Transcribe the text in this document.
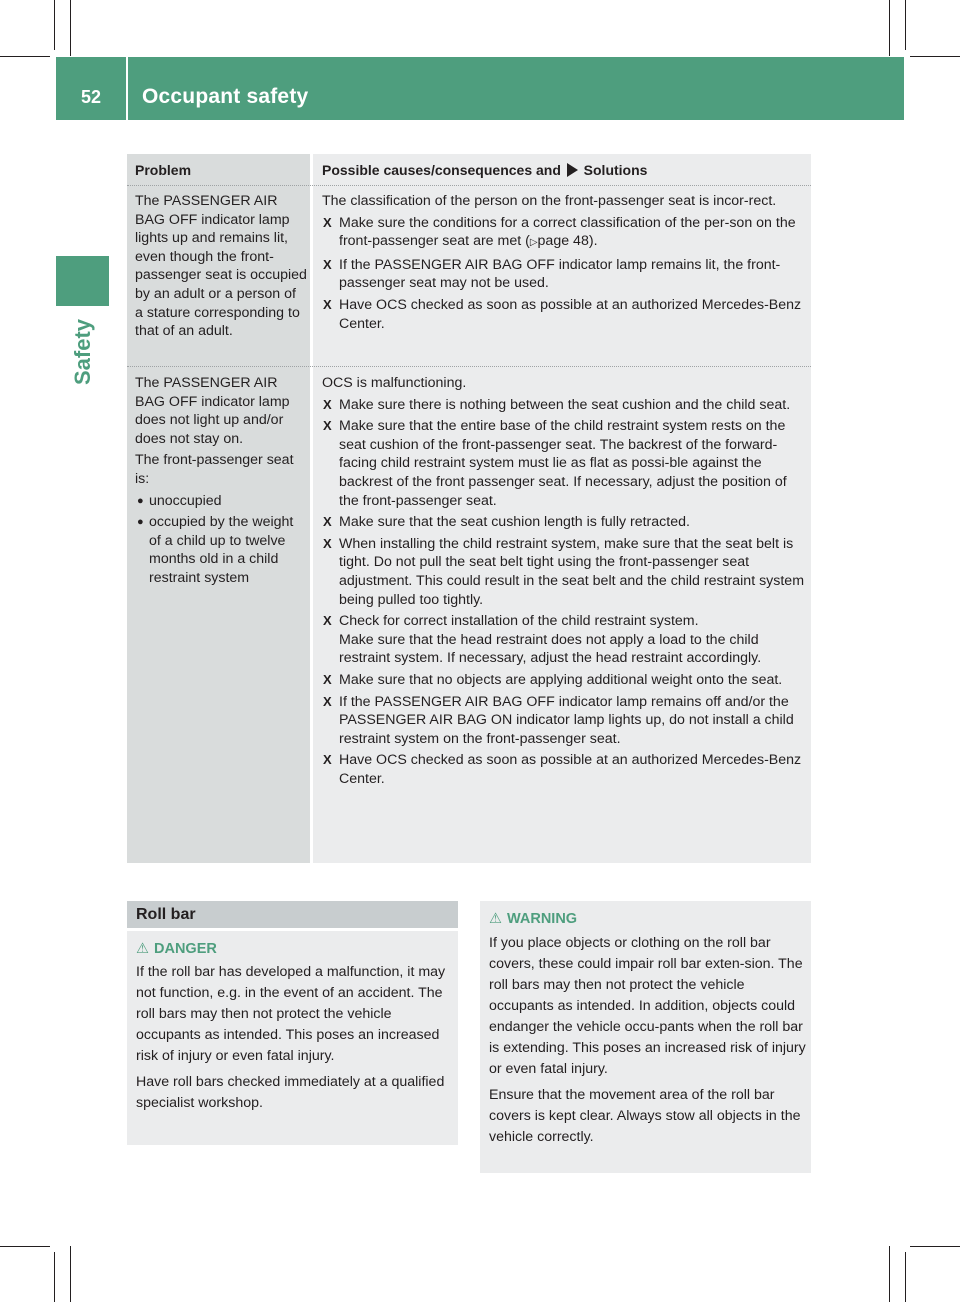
52	Occupant safety
Safety
Problem	Possible causes/consequences and Solutions

The PASSENGER AIR BAG OFF indicator lamp lights up and remains lit, even though the front-passenger seat is occupied by an adult or a person of a stature corresponding to that of an adult.

The classification of the person on the front-passenger seat is incor-rect.

X Make sure the conditions for a correct classification of the per-son on the front-passenger seat are met (▷page 48).
X If the PASSENGER AIR BAG OFF indicator lamp remains lit, the front-passenger seat may not be used.
X Have OCS checked as soon as possible at an authorized Mercedes-Benz Center.

The PASSENGER AIR BAG OFF indicator lamp does not light up and/or does not stay on.

The front-passenger seat is:

● unoccupied
● occupied by the weight of a child up to twelve months old in a child restraint system

OCS is malfunctioning.

X Make sure there is nothing between the seat cushion and the child seat.
X Make sure that the entire base of the child restraint system rests on the seat cushion of the front-passenger seat. The backrest of the forward-facing child restraint system must lie as flat as possi-ble against the backrest of the front passenger seat. If necessary, adjust the position of the front-passenger seat.
X Make sure that the seat cushion length is fully retracted.
X When installing the child restraint system, make sure that the seat belt is tight. Do not pull the seat belt tight using the front-passenger seat adjustment. This could result in the seat belt and the child restraint system being pulled too tightly.
X Check for correct installation of the child restraint system.

Make sure that the head restraint does not apply a load to the child restraint system. If necessary, adjust the head restraint accordingly.

X Make sure that no objects are applying additional weight onto the seat.
X If the PASSENGER AIR BAG OFF indicator lamp remains off and/or the PASSENGER AIR BAG ON indicator lamp lights up, do not install a child restraint system on the front-passenger seat.
X Have OCS checked as soon as possible at an authorized Mercedes-Benz Center.
Roll bar
⚠ DANGER

If the roll bar has developed a malfunction, it may not function, e.g. in the event of an accident. The roll bars may then not protect the vehicle occupants as intended. This poses an increased risk of injury or even fatal injury.

Have roll bars checked immediately at a qualified specialist workshop.

⚠ WARNING

If you place objects or clothing on the roll bar covers, these could impair roll bar exten-sion. The roll bars may then not protect the vehicle occupants as intended. In addition, objects could endanger the vehicle occu-pants when the roll bar is extending. This poses an increased risk of injury or even fatal injury.

Ensure that the movement area of the roll bar covers is kept clear. Always stow all objects in the vehicle correctly.
